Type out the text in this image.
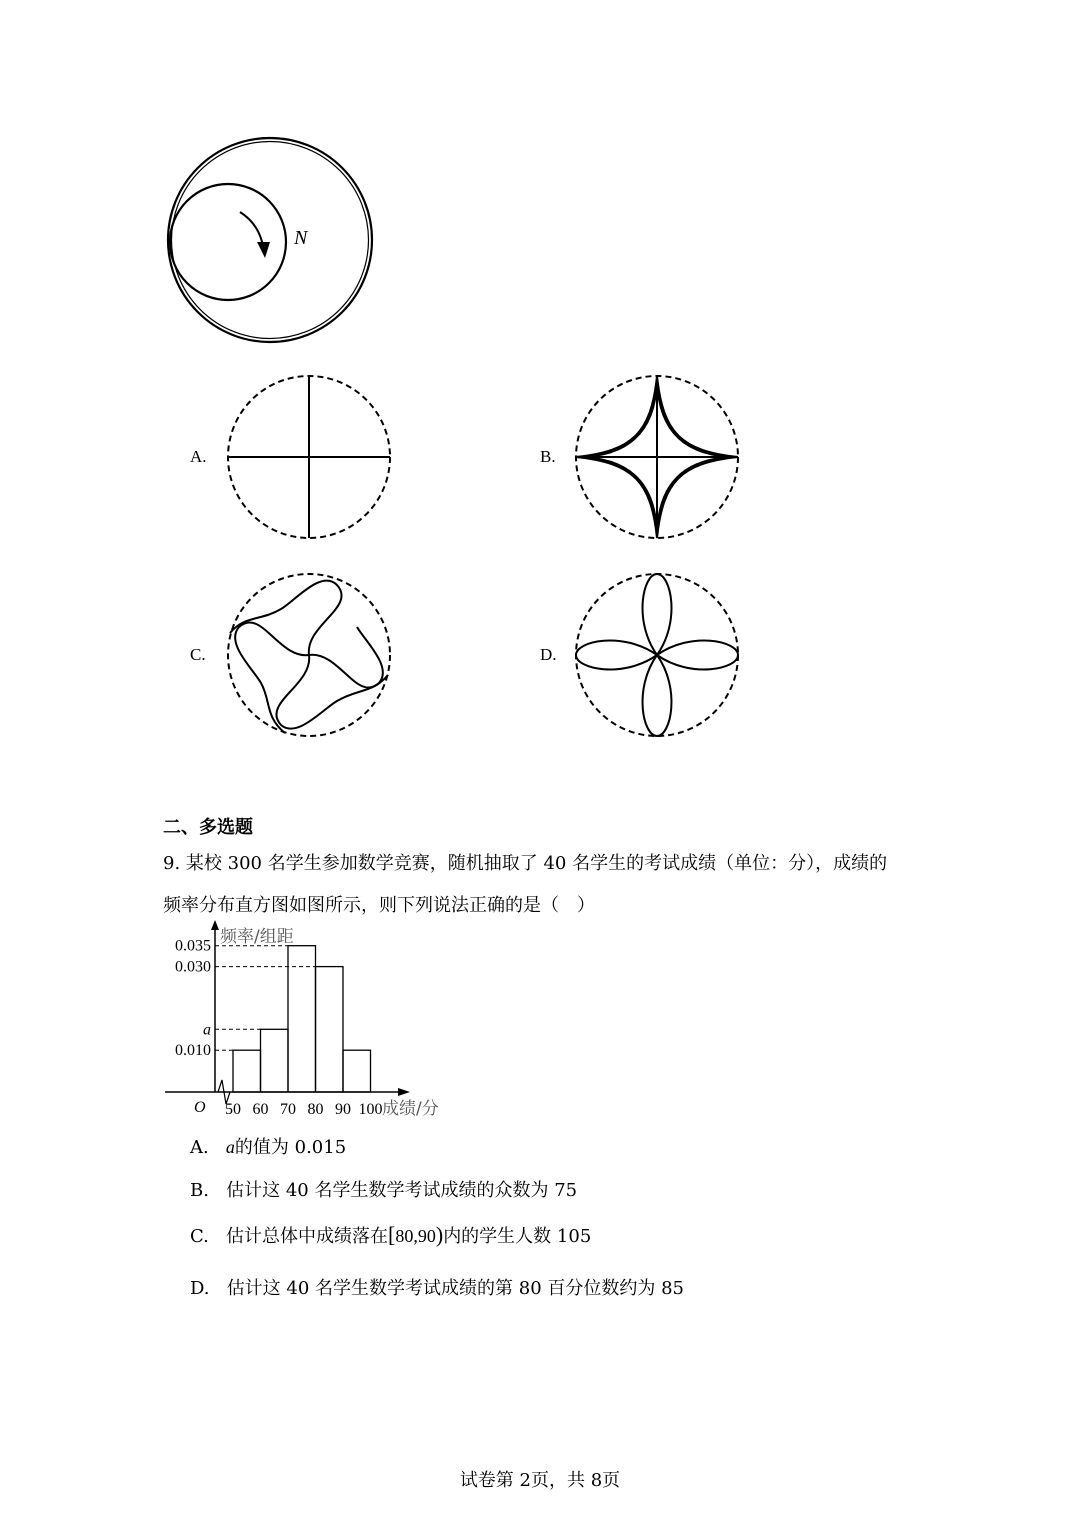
N
A.	B.
C.	D.
二、多选题
9. 某校 300 名学生参加数学竞赛，随机抽取了 40 名学生的考试成绩（单位：分），成绩的
频率分布直方图如图所示，则下列说法正确的是（　）
0.035
0.030
a
0.010
50 60 70 80 90 100
频率/组距
成绩/分
O
A. a的值为 0.015
B. 估计这 40 名学生数学考试成绩的众数为 75
C. 估计总体中成绩落在[80,90)内的学生人数 105
D. 估计这 40 名学生数学考试成绩的第 80 百分位数约为 85
试卷第 2页，共 8页
